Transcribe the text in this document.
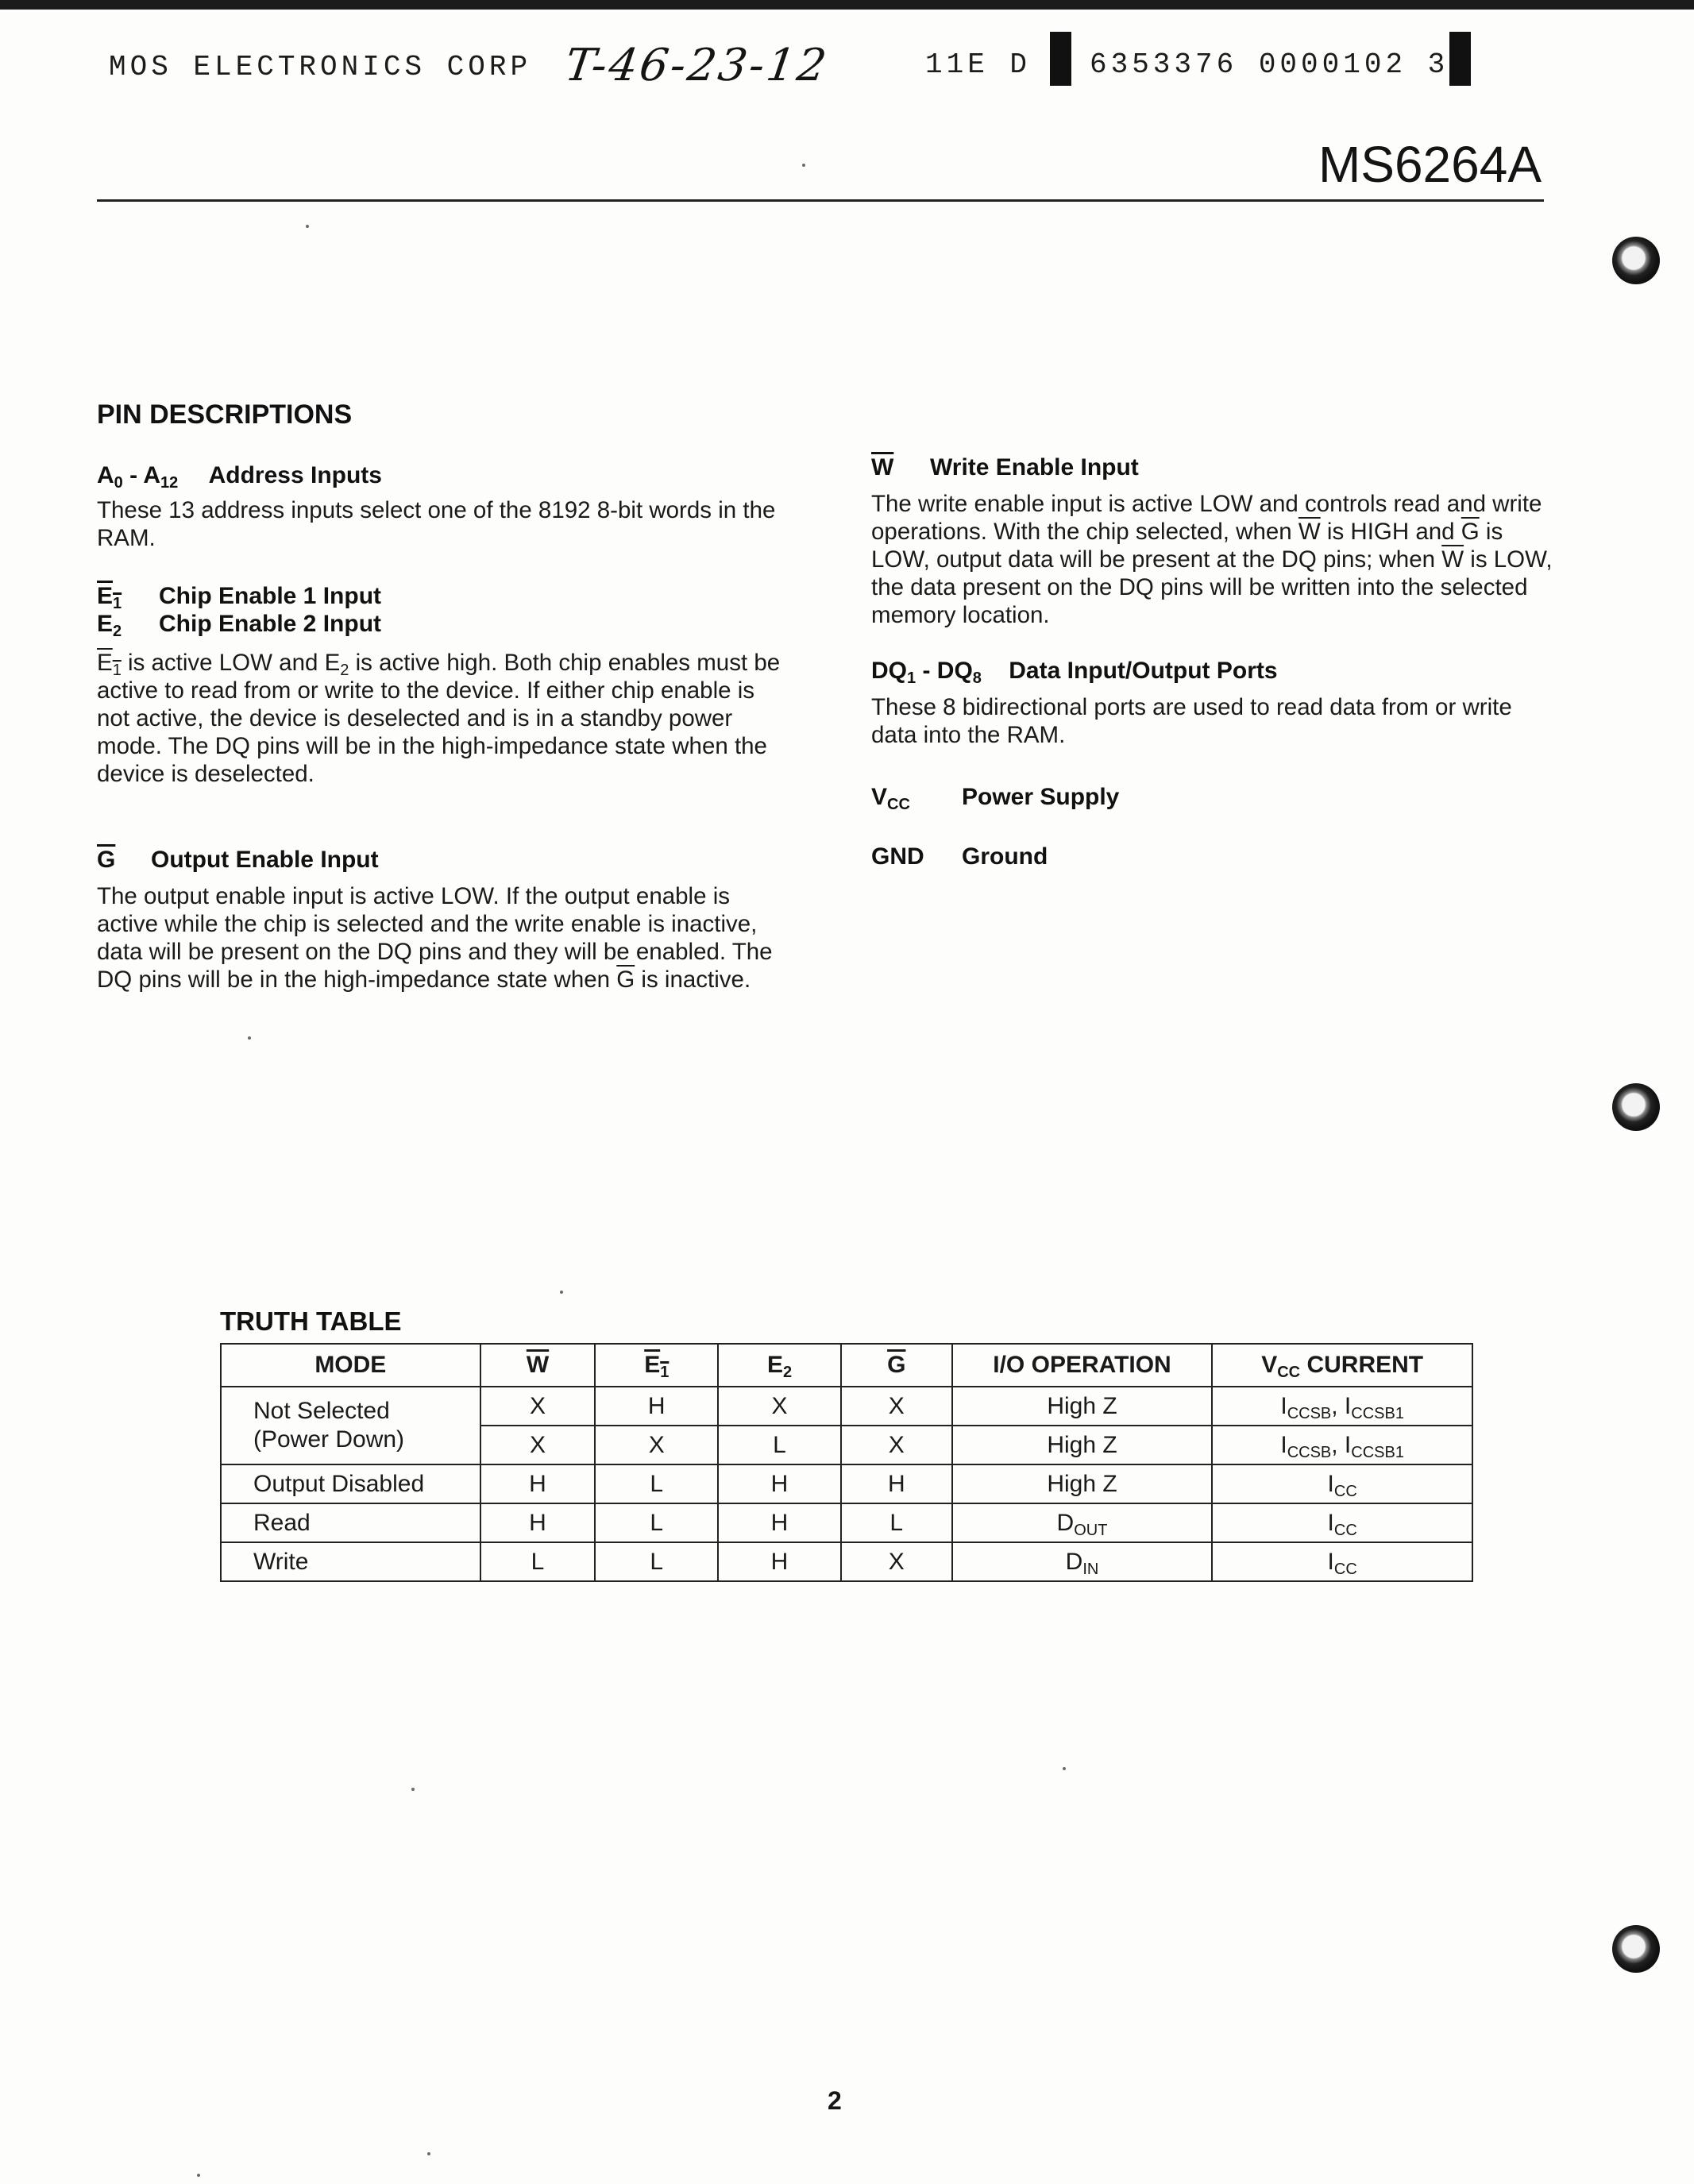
MOS ELECTRONICS CORP T-46-23-12	11E D 6353376 0000102 3
MS6264A
PIN DESCRIPTIONS
$A_0 - A_{12}$ Address Inputs
These 13 address inputs select one of the 8192 8-bit words in the RAM.
$E_1$ Chip Enable 1 Input
$E_2$ Chip Enable 2 Input
$E_1$ is active LOW and $E_2$ is active high. Both chip enables must be active to read from or write to the device. If either chip enable is not active, the device is deselected and is in a standby power mode. The DQ pins will be in the high-impedance state when the device is deselected.
$\overline{G}$ Output Enable Input
The output enable input is active LOW. If the output enable is active while the chip is selected and the write enable is inactive, data will be present on the DQ pins and they will be enabled. The DQ pins will be in the high-impedance state when $\overline{G}$ is inactive.
$\overline{W}$ Write Enable Input
The write enable input is active LOW and controls read and write operations. With the chip selected, when $\overline{W}$ is HIGH and $\overline{G}$ is LOW, output data will be present at the DQ pins; when $\overline{W}$ is LOW, the data present on the DQ pins will be written into the selected memory location.
$DQ_1 - DQ_8$ Data Input/Output Ports
These 8 bidirectional ports are used to read data from or write data into the RAM.
$V_{CC}$ Power Supply
GND Ground
TRUTH TABLE
MODE	$\overline{W}$	$E_1$	$E_2$	$\overline{G}$	I/O OPERATION	$V_{CC}$ CURRENT
Not Selected
(Power Down)	X	H	X	X	High Z	$I_{CCSB}$, $I_{CCSB1}$
	X	X	L	X	High Z	$I_{CCSB}$, $I_{CCSB1}$
Output Disabled	H	L	H	H	High Z	$I_{CC}$
Read	H	L	H	L	$D_{OUT}$	$I_{CC}$
Write	L	L	H	X	$D_{IN}$	$I_{CC}$
2
